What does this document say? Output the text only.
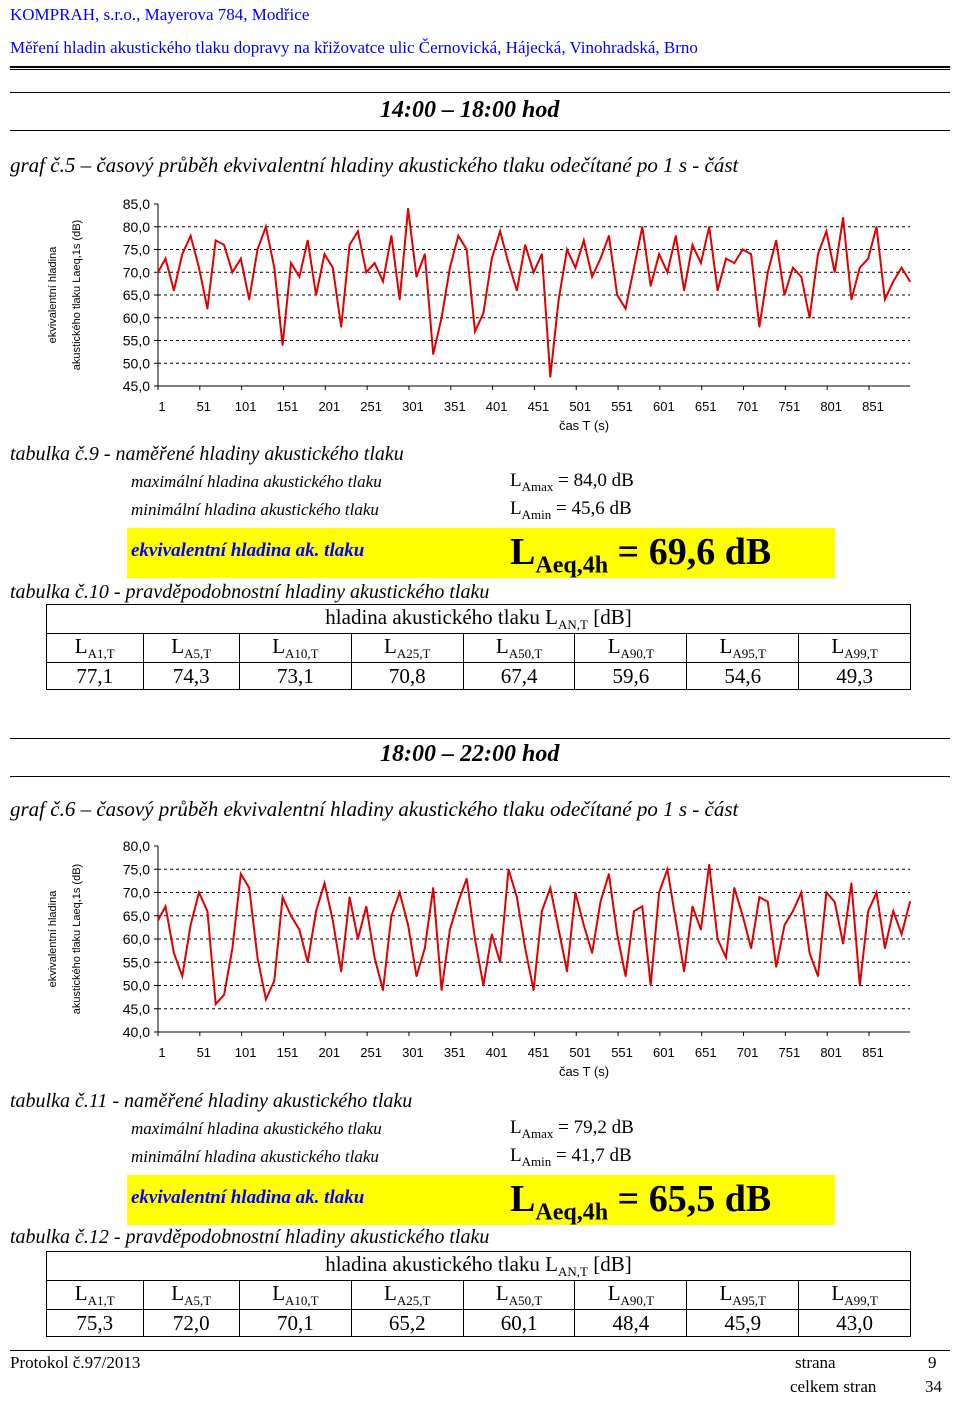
KOMPRAH, s.r.o., Mayerova 784, Modřice
Měření hladin akustického tlaku dopravy na křižovatce ulic Černovická, Hájecká, Vinohradská, Brno
14:00 – 18:00 hod
graf č.5 – časový průběh ekvivalentní hladiny akustického tlaku odečítané po 1 s - část
ekvivalentní hladina akustického tlaku Laeq,1s (dB)
85,0
80,0
75,0
70,0
65,0
60,0
55,0
50,0
45,0
1 51 101 151 201 251 301 351 401 451 501 551 601 651 701 751 801 851
čas T (s)
tabulka č.9 - naměřené hladiny akustického tlaku
maximální hladina akustického tlaku	$L_{Amax} = 84,0$ dB
minimální hladina akustického tlaku	$L_{Amin} = 45,6$ dB
ekvivalentní hladina ak. tlaku	$L_{Aeq,4h} = 69,6$ dB
tabulka č.10 - pravděpodobnostní hladiny akustického tlaku
hladina akustického tlaku $L_{AN,T}$ [dB]							
$L_{A1,T}$	$L_{A5,T}$	$L_{A10,T}$	$L_{A25,T}$	$L_{A50,T}$	$L_{A90,T}$	$L_{A95,T}$	$L_{A99,T}$
77,1	74,3	73,1	70,8	67,4	59,6	54,6	49,3
18:00 – 22:00 hod
graf č.6 – časový průběh ekvivalentní hladiny akustického tlaku odečítané po 1 s - část
ekvivalentní hladina akustického tlaku Laeq,1s (dB)
80,0
75,0
70,0
65,0
60,0
55,0
50,0
45,0
40,0
1 51 101 151 201 251 301 351 401 451 501 551 601 651 701 751 801 851
čas T (s)
tabulka č.11 - naměřené hladiny akustického tlaku
maximální hladina akustického tlaku	$L_{Amax} = 79,2$ dB
minimální hladina akustického tlaku	$L_{Amin} = 41,7$ dB
ekvivalentní hladina ak. tlaku	$L_{Aeq,4h} = 65,5$ dB
tabulka č.12 - pravděpodobnostní hladiny akustického tlaku
hladina akustického tlaku $L_{AN,T}$ [dB]							
$L_{A1,T}$	$L_{A5,T}$	$L_{A10,T}$	$L_{A25,T}$	$L_{A50,T}$	$L_{A90,T}$	$L_{A95,T}$	$L_{A99,T}$
75,3	72,0	70,1	65,2	60,1	48,4	45,9	43,0
Protokol č.97/2013	strana	9
celkem stran	34
